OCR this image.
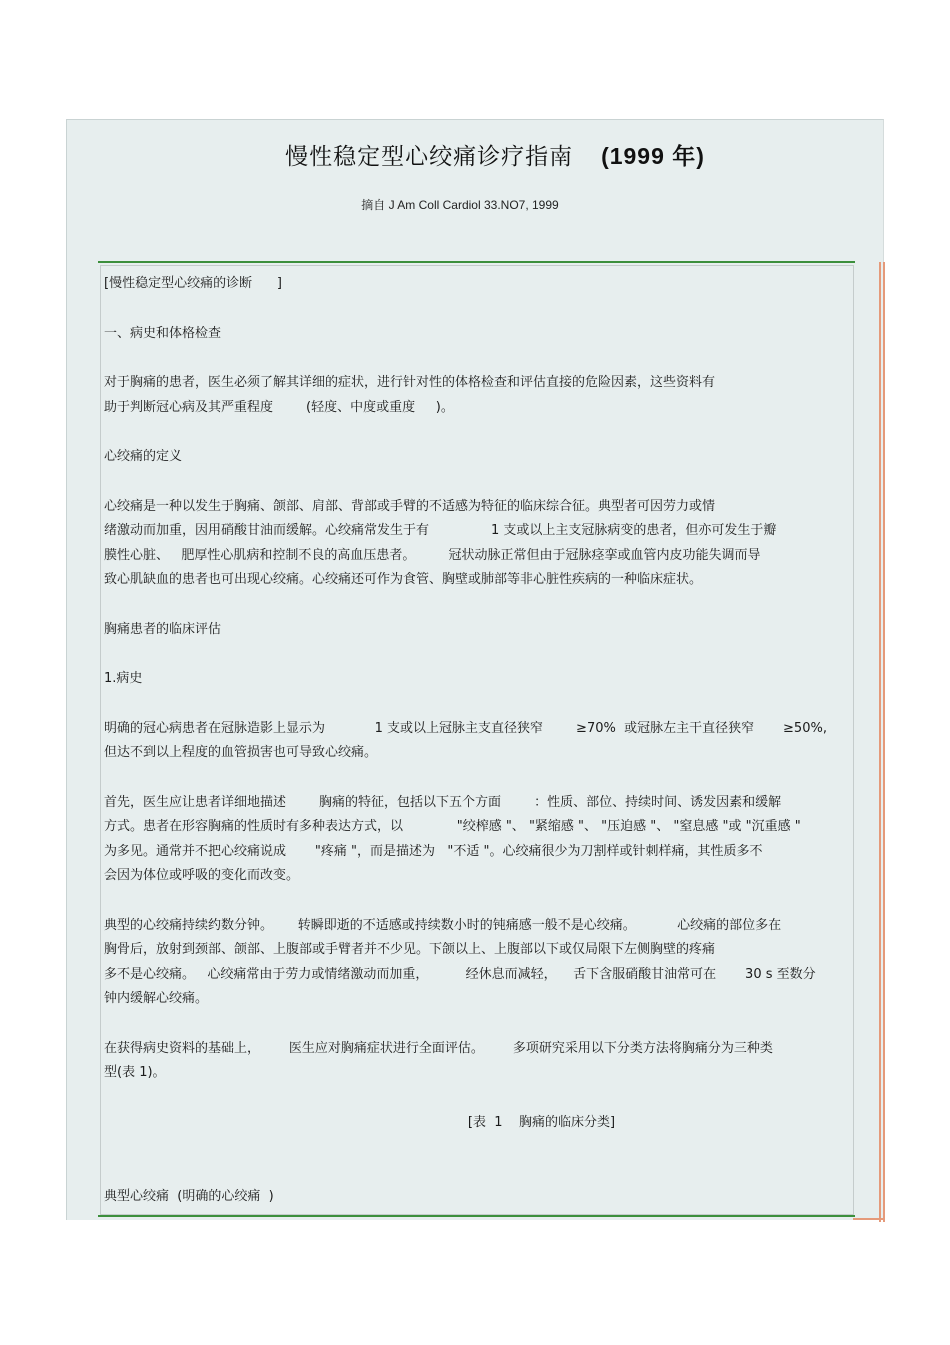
慢性稳定型心绞痛诊疗指南 (1999 年)
摘自 J Am Coll Cardiol 33.NO7, 1999

[慢性稳定型心绞痛的诊断      ]

一、病史和体格检查

对于胸痛的患者，医生必须了解其详细的症状，进行针对性的体格检查和评估直接的危险因素，这些资料有

助于判断冠心病及其严重程度        (轻度、中度或重度     )。

心绞痛的定义

心绞痛是一种以发生于胸痛、颌部、肩部、背部或手臂的不适感为特征的临床综合征。典型者可因劳力或情

绪激动而加重，因用硝酸甘油而缓解。心绞痛常发生于有               1 支或以上主支冠脉病变的患者，但亦可发生于瓣

膜性心脏、   肥厚性心肌病和控制不良的高血压患者。        冠状动脉正常但由于冠脉痉挛或血管内皮功能失调而导

致心肌缺血的患者也可出现心绞痛。心绞痛还可作为食管、胸壁或肺部等非心脏性疾病的一种临床症状。

胸痛患者的临床评估

1.病史

明确的冠心病患者在冠脉造影上显示为            1 支或以上冠脉主支直径狭窄        ≥70%  或冠脉左主干直径狭窄       ≥50%,

但达不到以上程度的血管损害也可导致心绞痛。

首先，医生应让患者详细地描述        胸痛的特征，包括以下五个方面        ：性质、部位、持续时间、诱发因素和缓解

方式。患者在形容胸痛的性质时有多种表达方式，以             "绞榨感 "、 "紧缩感 "、 "压迫感 "、 "窒息感 "或 "沉重感 "

为多见。通常并不把心绞痛说成       "疼痛 "，而是描述为   "不适 "。心绞痛很少为刀割样或针刺样痛，其性质多不

会因为体位或呼吸的变化而改变。

典型的心绞痛持续约数分钟。      转瞬即逝的不适感或持续数小时的钝痛感一般不是心绞痛。          心绞痛的部位多在

胸骨后，放射到颈部、颌部、上腹部或手臂者并不少见。下颌以上、上腹部以下或仅局限下左侧胸壁的疼痛

多不是心绞痛。   心绞痛常由于劳力或情绪激动而加重，         经休息而减轻，    舌下含服硝酸甘油常可在       30 s 至数分

钟内缓解心绞痛。

在获得病史资料的基础上，       医生应对胸痛症状进行全面评估。       多项研究采用以下分类方法将胸痛分为三种类

型(表 1)。

[表  1    胸痛的临床分类]

典型心绞痛  (明确的心绞痛  )
